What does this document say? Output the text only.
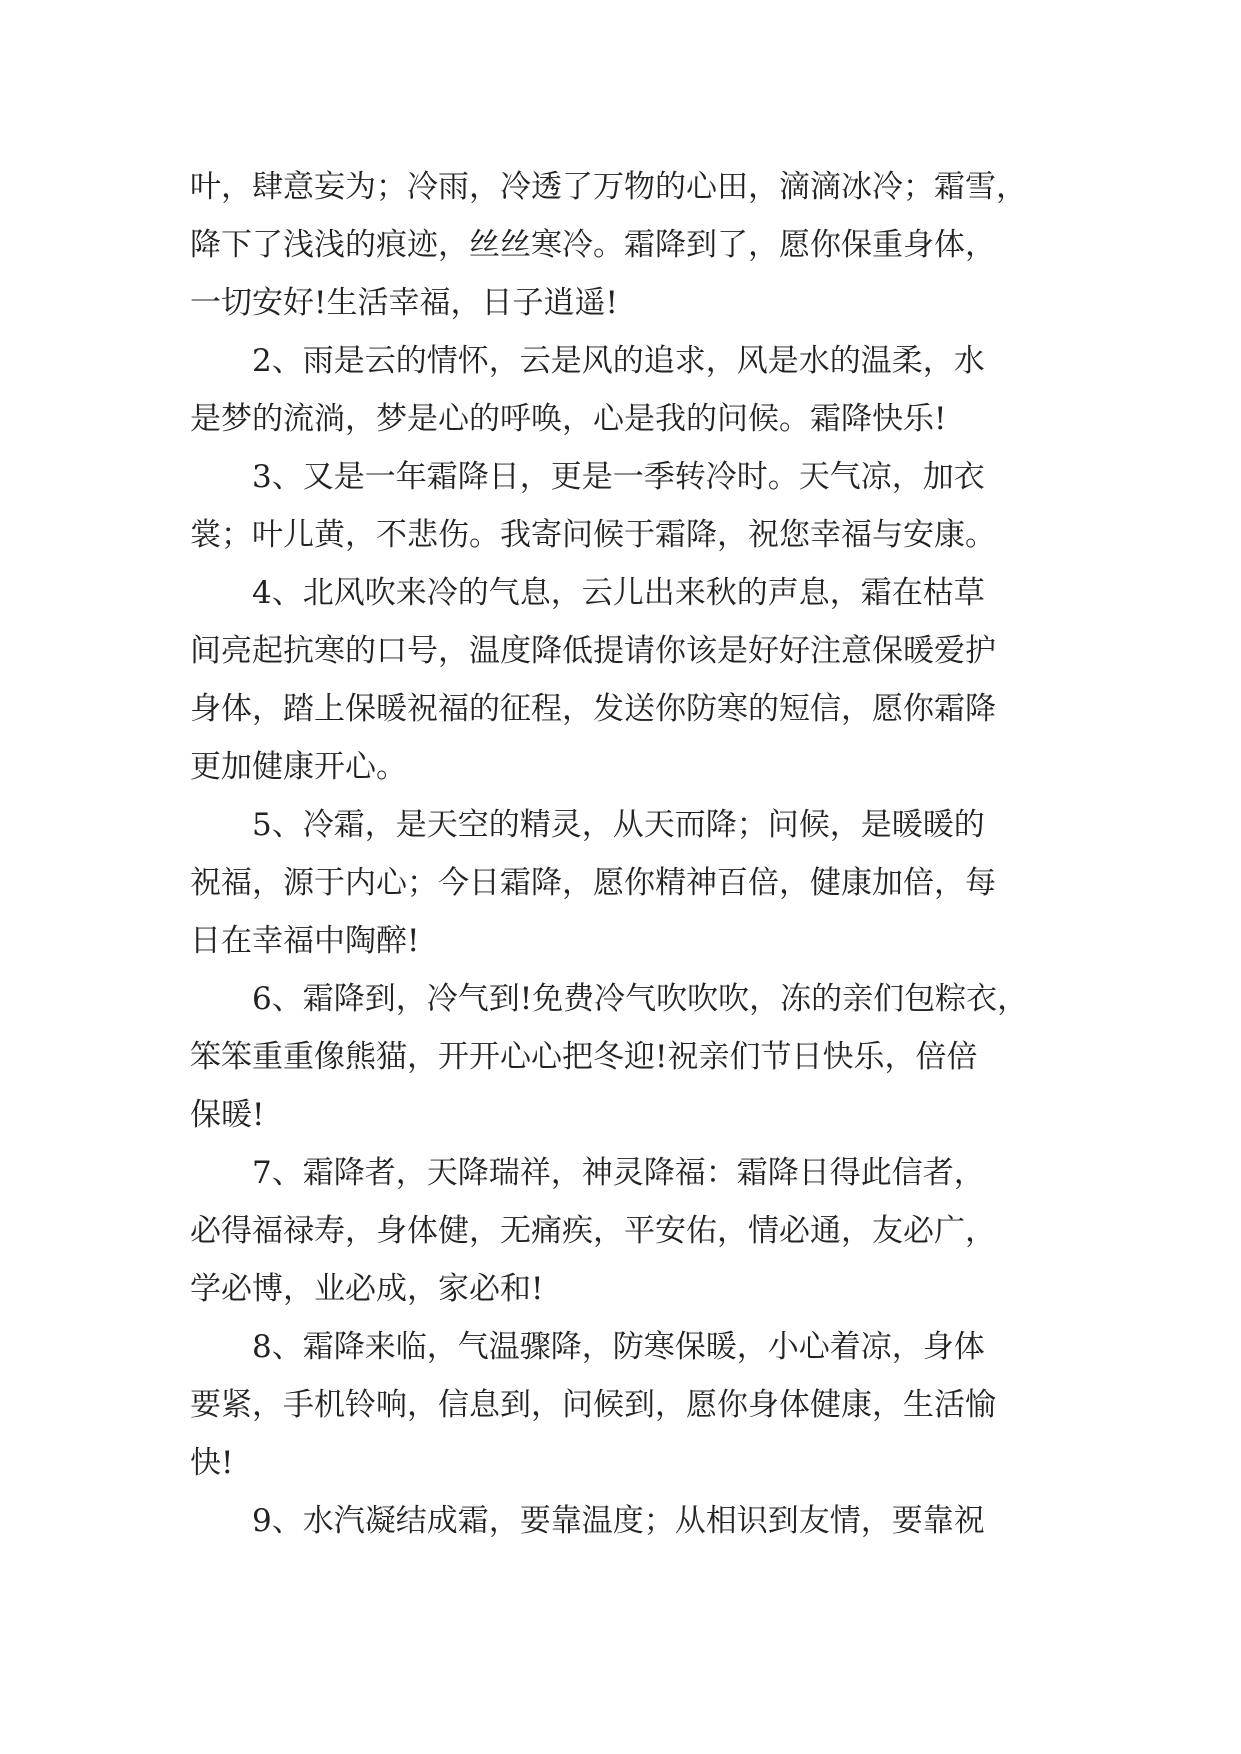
叶，肆意妄为；冷雨，冷透了万物的心田，滴滴冰冷；霜雪，
降下了浅浅的痕迹，丝丝寒冷。霜降到了，愿你保重身体，
一切安好!生活幸福，日子逍遥!
2、雨是云的情怀，云是风的追求，风是水的温柔，水
是梦的流淌，梦是心的呼唤，心是我的问候。霜降快乐!
3、又是一年霜降日，更是一季转冷时。天气凉，加衣
裳；叶儿黄，不悲伤。我寄问候于霜降，祝您幸福与安康。
4、北风吹来冷的气息，云儿出来秋的声息，霜在枯草
间亮起抗寒的口号，温度降低提请你该是好好注意保暖爱护
身体，踏上保暖祝福的征程，发送你防寒的短信，愿你霜降
更加健康开心。
5、冷霜，是天空的精灵，从天而降；问候，是暖暖的
祝福，源于内心；今日霜降，愿你精神百倍，健康加倍，每
日在幸福中陶醉!
6、霜降到，冷气到!免费冷气吹吹吹，冻的亲们包粽衣，
笨笨重重像熊猫，开开心心把冬迎!祝亲们节日快乐，倍倍
保暖!
7、霜降者，天降瑞祥，神灵降福：霜降日得此信者，
必得福禄寿，身体健，无痛疾，平安佑，情必通，友必广，
学必博，业必成，家必和!
8、霜降来临，气温骤降，防寒保暖，小心着凉，身体
要紧，手机铃响，信息到，问候到，愿你身体健康，生活愉
快!
9、水汽凝结成霜，要靠温度；从相识到友情，要靠祝
